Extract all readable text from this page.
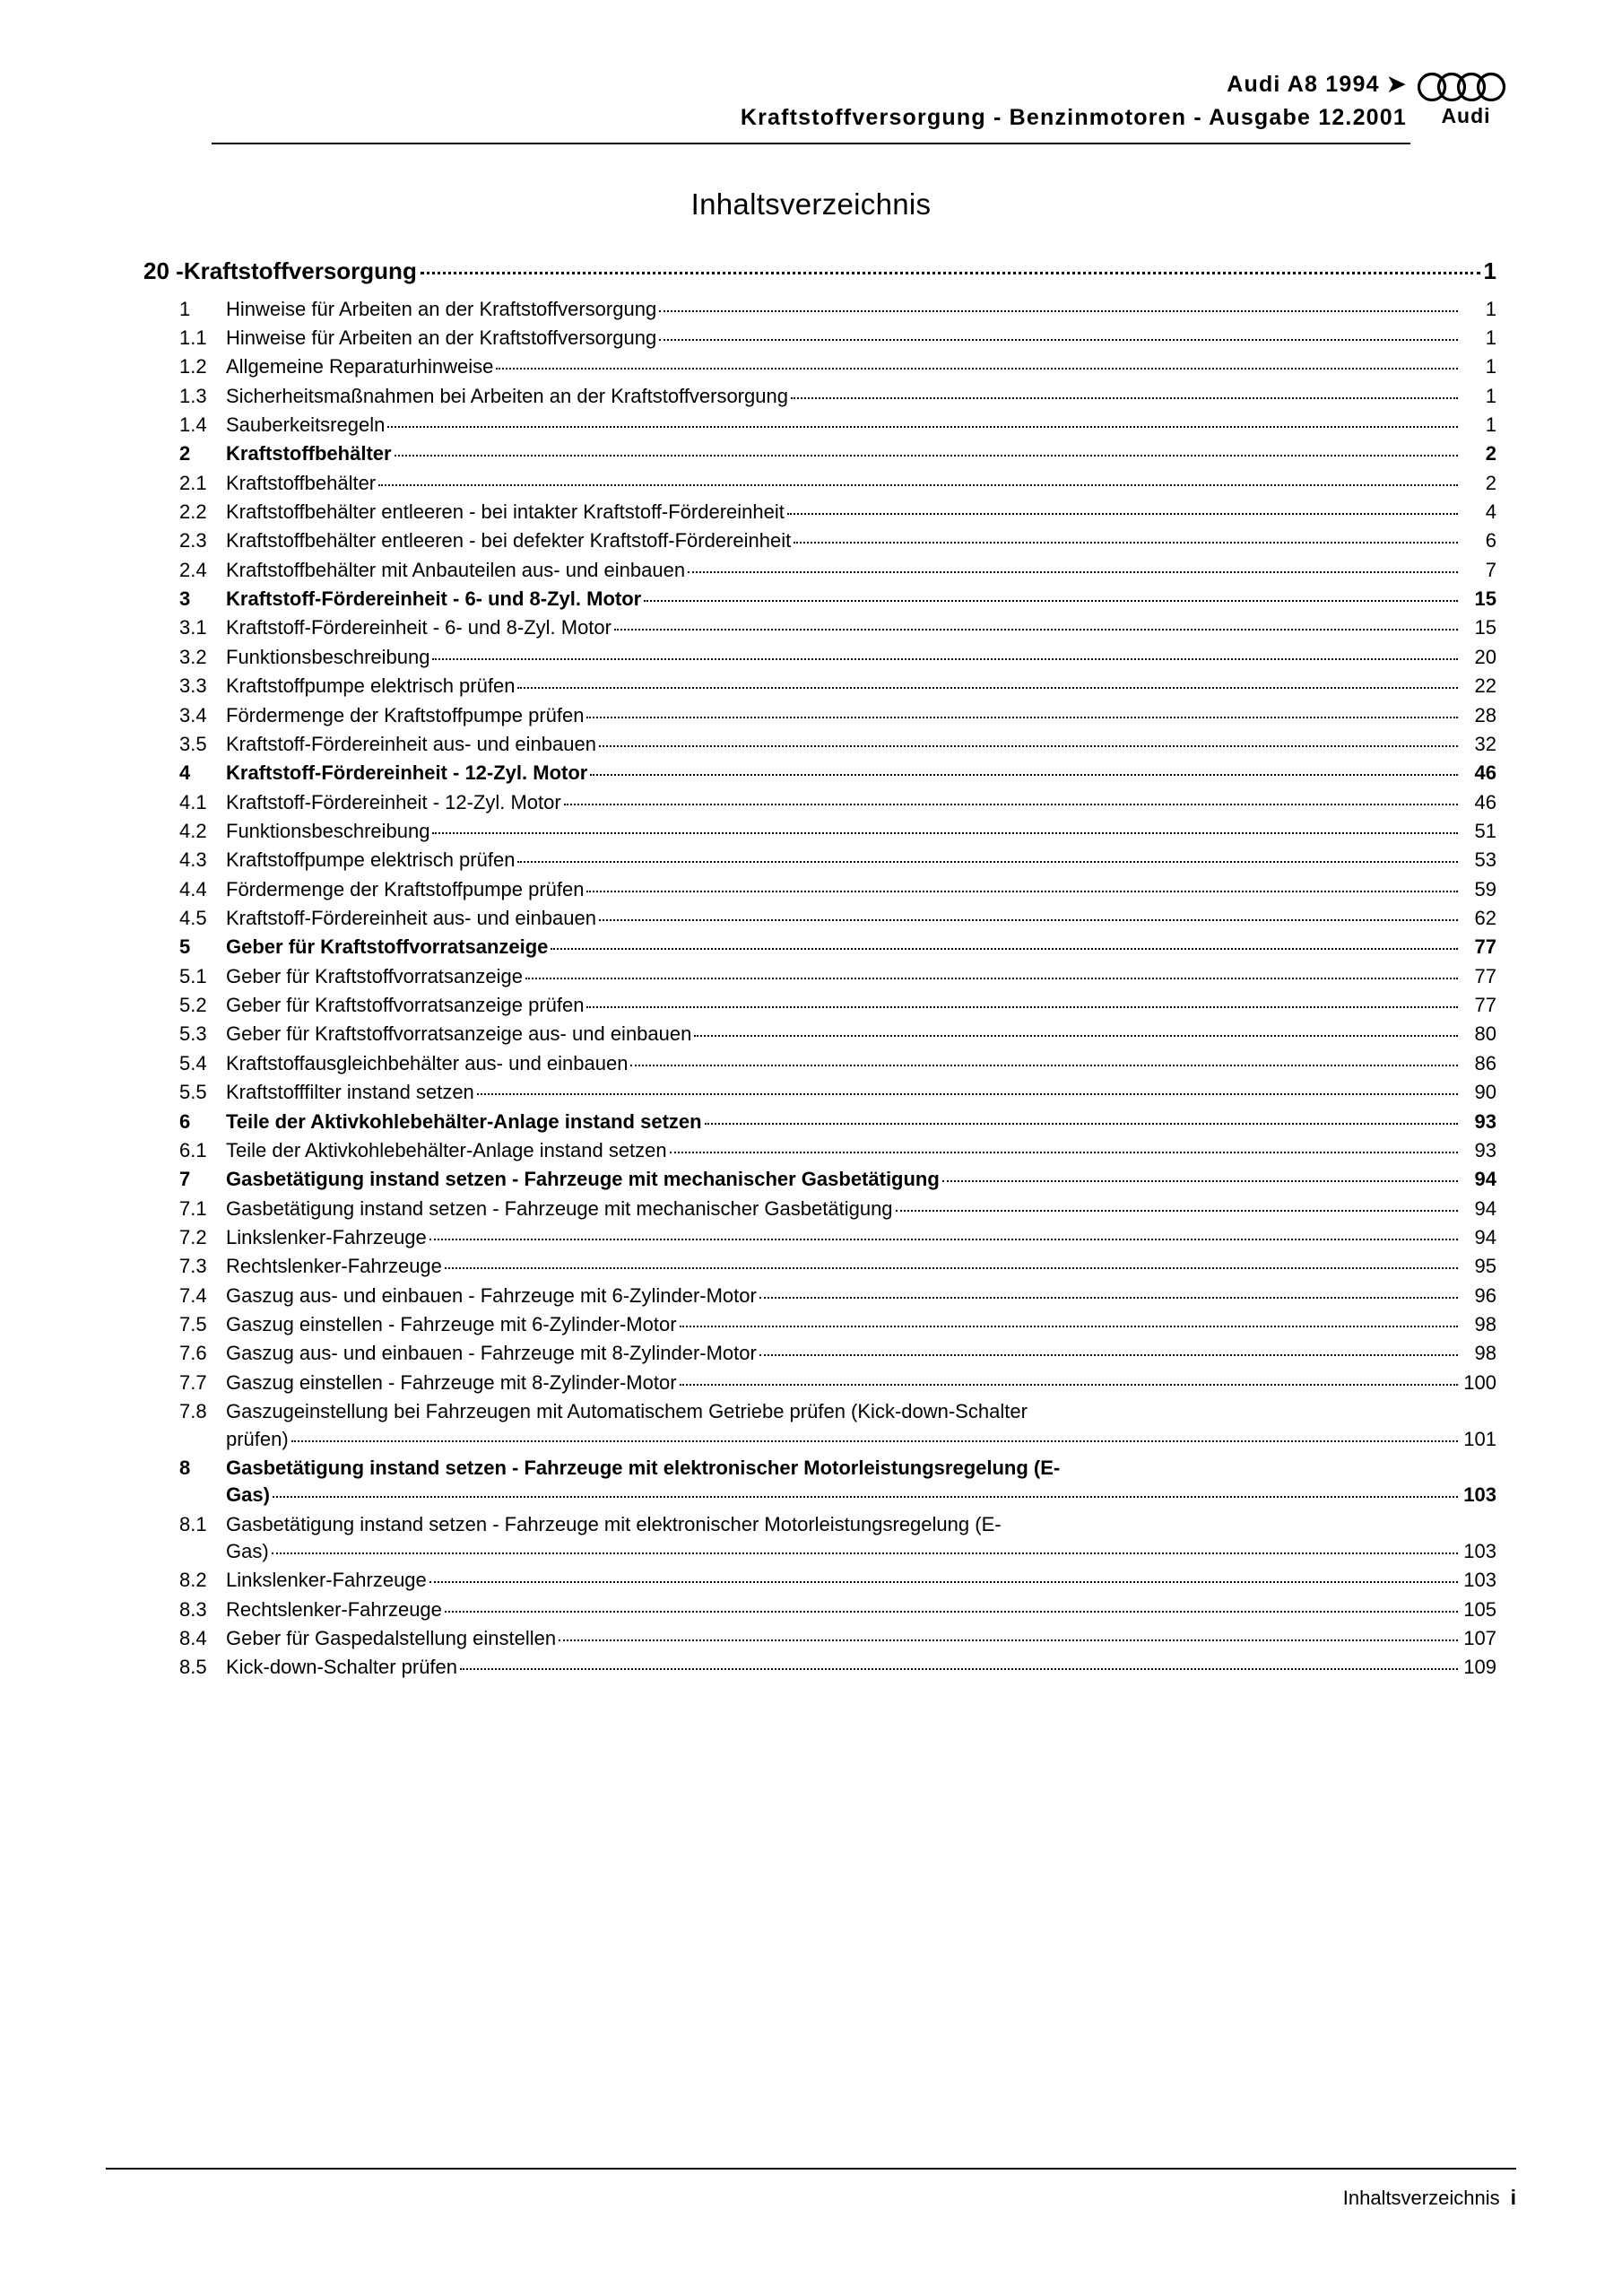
Audi A8 1994 ➤
Kraftstoffversorgung - Benzinmotoren - Ausgabe 12.2001	Audi
Inhaltsverzeichnis
20 - Kraftstoffversorgung	1
1	Hinweise für Arbeiten an der Kraftstoffversorgung	1
1.1 Hinweise für Arbeiten an der Kraftstoffversorgung	1
1.2 Allgemeine Reparaturhinweise	1
1.3 Sicherheitsmaßnahmen bei Arbeiten an der Kraftstoffversorgung	1
1.4 Sauberkeitsregeln	1
2	Kraftstoffbehälter	2
2.1 Kraftstoffbehälter	2
2.2 Kraftstoffbehälter entleeren - bei intakter Kraftstoff-Fördereinheit	4
2.3 Kraftstoffbehälter entleeren - bei defekter Kraftstoff-Fördereinheit	6
2.4 Kraftstoffbehälter mit Anbauteilen aus- und einbauen	7
3	Kraftstoff-Fördereinheit - 6- und 8-Zyl. Motor	15
3.1 Kraftstoff-Fördereinheit - 6- und 8-Zyl. Motor	15
3.2 Funktionsbeschreibung	20
3.3 Kraftstoffpumpe elektrisch prüfen	22
3.4 Fördermenge der Kraftstoffpumpe prüfen	28
3.5 Kraftstoff-Fördereinheit aus- und einbauen	32
4	Kraftstoff-Fördereinheit - 12-Zyl. Motor	46
4.1 Kraftstoff-Fördereinheit - 12-Zyl. Motor	46
4.2 Funktionsbeschreibung	51
4.3 Kraftstoffpumpe elektrisch prüfen	53
4.4 Fördermenge der Kraftstoffpumpe prüfen	59
4.5 Kraftstoff-Fördereinheit aus- und einbauen	62
5	Geber für Kraftstoffvorratsanzeige	77
5.1 Geber für Kraftstoffvorratsanzeige	77
5.2 Geber für Kraftstoffvorratsanzeige prüfen	77
5.3 Geber für Kraftstoffvorratsanzeige aus- und einbauen	80
5.4 Kraftstoffausgleichbehälter aus- und einbauen	86
5.5 Kraftstofffilter instand setzen	90
6	Teile der Aktivkohlebehälter-Anlage instand setzen	93
6.1 Teile der Aktivkohlebehälter-Anlage instand setzen	93
7	Gasbetätigung instand setzen - Fahrzeuge mit mechanischer Gasbetätigung	94
7.1 Gasbetätigung instand setzen - Fahrzeuge mit mechanischer Gasbetätigung	94
7.2 Linkslenker-Fahrzeuge	94
7.3 Rechtslenker-Fahrzeuge	95
7.4 Gaszug aus- und einbauen - Fahrzeuge mit 6-Zylinder-Motor	96
7.5 Gaszug einstellen - Fahrzeuge mit 6-Zylinder-Motor	98
7.6 Gaszug aus- und einbauen - Fahrzeuge mit 8-Zylinder-Motor	98
7.7 Gaszug einstellen - Fahrzeuge mit 8-Zylinder-Motor	100
7.8 Gaszugeinstellung bei Fahrzeugen mit Automatischem Getriebe prüfen (Kick-down-Schalter
prüfen)	101
8	Gasbetätigung instand setzen - Fahrzeuge mit elektronischer Motorleistungsregelung (E-
Gas)	103
8.1 Gasbetätigung instand setzen - Fahrzeuge mit elektronischer Motorleistungsregelung (E-
Gas)	103
8.2 Linkslenker-Fahrzeuge	103
8.3 Rechtslenker-Fahrzeuge	105
8.4 Geber für Gaspedalstellung einstellen	107
8.5 Kick-down-Schalter prüfen	109
Inhaltsverzeichnis i
